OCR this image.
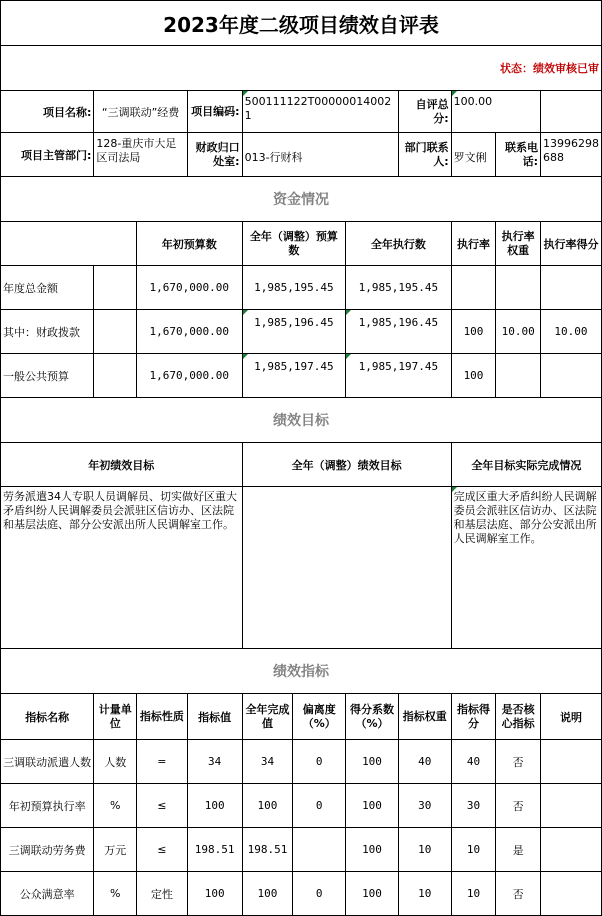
2023年度二级项目绩效自评表										
状态：绩效审核已审										
项目名称:	“三调联动”经费		项目编码:	500111122T000000140021			自评总分:	100.00		
项目主管部门:	128-重庆市大足区司法局		财政归口处室:	013-行财科			部门联系人:	罗文俐	联系电话:	13996298688
资金情况										
		年初预算数		全年（调整）预算数		全年执行数		执行率	执行率权重	执行率得分
年度总金额		1,670,000.00		1,985,195.45		1,985,195.45				
其中：财政拨款		1,670,000.00		1,985,196.45		1,985,196.45		100	10.00	10.00
一般公共预算		1,670,000.00		1,985,197.45		1,985,197.45		100		
绩效目标										
年初绩效目标				全年（调整）绩效目标				全年目标实际完成情况		
劳务派遣34人专职人员调解员、切实做好区重大矛盾纠纷人民调解委员会派驻区信访办、区法院和基层法庭、部分公安派出所人民调解室工作。								完成区重大矛盾纠纷人民调解委员会派驻区信访办、区法院和基层法庭、部分公安派出所人民调解室工作。		
绩效指标										
指标名称	计量单位	指标性质	指标值	全年完成值	偏离度（%）	得分系数（%）	指标权重	指标得分	是否核心指标	说明
三调联动派遣人数	人数	=	34	34	0	100	40	40	否	
年初预算执行率	%	≤	100	100	0	100	30	30	否	
三调联动劳务费	万元	≤	198.51	198.51		100	10	10	是	
公众满意率	%	定性	100	100	0	100	10	10	否	
